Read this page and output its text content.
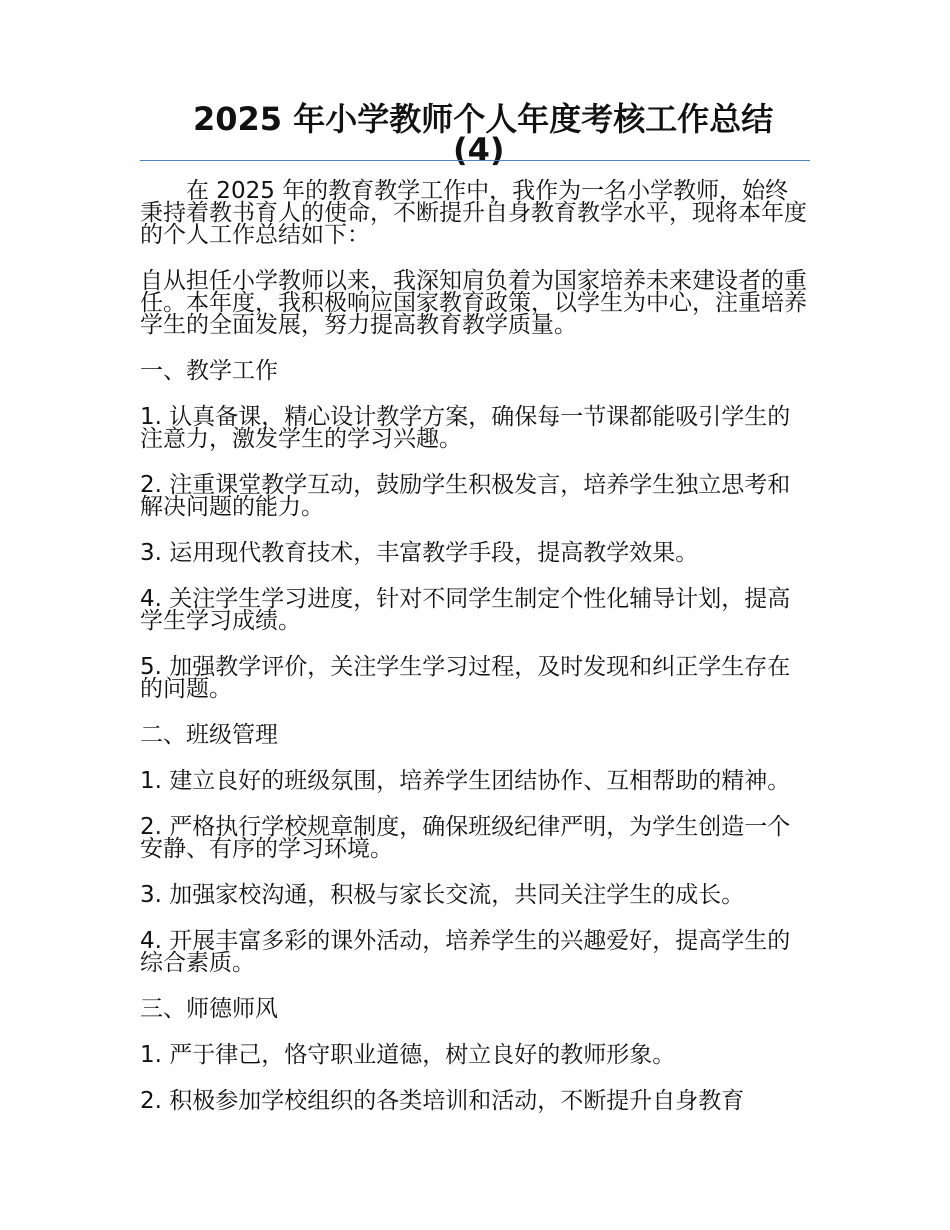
2025 年小学教师个人年度考核工作总结
(4)

在 2025 年的教育教学工作中，我作为一名小学教师，始终秉持着教书育人的使命，不断提升自身教育教学水平，现将本年度的个人工作总结如下：

自从担任小学教师以来，我深知肩负着为国家培养未来建设者的重任。本年度，我积极响应国家教育政策，以学生为中心，注重培养学生的全面发展，努力提高教育教学质量。

一、教学工作

1. 认真备课，精心设计教学方案，确保每一节课都能吸引学生的注意力，激发学生的学习兴趣。

2. 注重课堂教学互动，鼓励学生积极发言，培养学生独立思考和解决问题的能力。

3. 运用现代教育技术，丰富教学手段，提高教学效果。

4. 关注学生学习进度，针对不同学生制定个性化辅导计划，提高学生学习成绩。

5. 加强教学评价，关注学生学习过程，及时发现和纠正学生存在的问题。

二、班级管理

1. 建立良好的班级氛围，培养学生团结协作、互相帮助的精神。

2. 严格执行学校规章制度，确保班级纪律严明，为学生创造一个安静、有序的学习环境。

3. 加强家校沟通，积极与家长交流，共同关注学生的成长。

4. 开展丰富多彩的课外活动，培养学生的兴趣爱好，提高学生的综合素质。

三、师德师风

1. 严于律己，恪守职业道德，树立良好的教师形象。

2. 积极参加学校组织的各类培训和活动，不断提升自身教育
